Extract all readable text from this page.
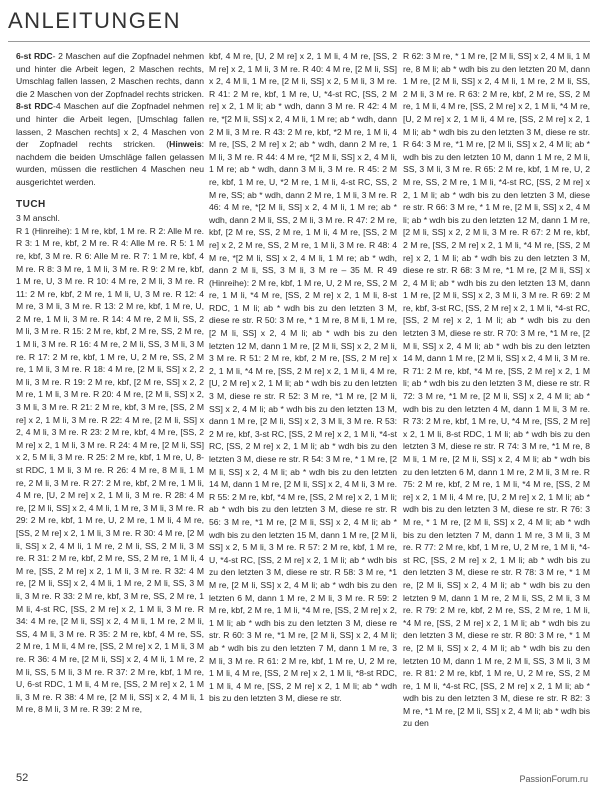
ANLEITUNGEN

6-st RDC- 2 Maschen auf die Zopfnadel nehmen und hinter die Arbeit legen, 2 Maschen rechts, Umschlag fallen lassen, 2 Maschen rechts, dann die 2 Maschen von der Zopfnadel rechts stricken. 8-st RDC-4 Maschen auf die Zopfnadel nehmen und hinter die Arbeit legen, [Umschlag fallen lassen, 2 Maschen rechts] x 2, 4 Maschen von der Zopfnadel rechts stricken. (Hinweis: nachdem die beiden Umschläge fallen gelassen wurden, müssen die restlichen 4 Maschen neu ausgerichtet werden.

TUCH

3 M anschl.

R 1 (Hinreihe): 1 M re, kbf, 1 M re. R 2: Alle M re. R 3: 1 M re, kbf, 2 M re. R 4: Alle M re. R 5: 1 M re, kbf, 3 M re. R 6: Alle M re. R 7: 1 M re, kbf, 4 M re. R 8: 3 M re, 1 M li, 3 M re. R 9: 2 M re, kbf, 1 M re, U, 3 M re. R 10: 4 M re, 2 M li, 3 M re. R 11: 2 M re, kbf, 2 M re, 1 M li, U, 3 M re. R 12: 4 M re, 3 M li, 3 M re. R 13: 2 M re, kbf, 1 M re, U, 2 M re, 1 M li, 3 M re. R 14: 4 M re, 2 M li, SS, 2 M li, 3 M re. R 15: 2 M re, kbf, 2 M re, SS, 2 M re, 1 M li, 3 M re. R 16: 4 M re, 2 M li, SS, 3 M li, 3 M re. R 17: 2 M re, kbf, 1 M re, U, 2 M re, SS, 2 M re, 1 M li, 3 M re. R 18: 4 M re, [2 M li, SS] x 2, 2 M li, 3 M re. R 19: 2 M re, kbf, [2 M re, SS] x 2, 2 M re, 1 M li, 3 M re. R 20: 4 M re, [2 M li, SS] x 2, 3 M li, 3 M re. R 21: 2 M re, kbf, 3 M re, [SS, 2 M re] x 2, 1 M li, 3 M re. R 22: 4 M re, [2 M li, SS] x 2, 4 M li, 3 M re. R 23: 2 M re, kbf, 4 M re, [SS, 2 M re] x 2, 1 M li, 3 M re. R 24: 4 M re, [2 M li, SS] x 2, 5 M li, 3 M re. R 25: 2 M re, kbf, 1 M re, U, 8-st RDC, 1 M li, 3 M re. R 26: 4 M re, 8 M li, 1 M re, 2 M li, 3 M re. R 27: 2 M re, kbf, 2 M re, 1 M li, 4 M re, [U, 2 M re] x 2, 1 M li, 3 M re. R 28: 4 M re, [2 M li, SS] x 2, 4 M li, 1 M re, 3 M li, 3 M re. R 29: 2 M re, kbf, 1 M re, U, 2 M re, 1 M li, 4 M re, [SS, 2 M re] x 2, 1 M li, 3 M re. R 30: 4 M re, [2 M li, SS] x 2, 4 M li, 1 M re, 2 M li, SS, 2 M li, 3 M re. R 31: 2 M re, kbf, 2 M re, SS, 2 M re, 1 M li, 4 M re, [SS, 2 M re] x 2, 1 M li, 3 M re. R 32: 4 M re, [2 M li, SS] x 2, 4 M li, 1 M re, 2 M li, SS, 3 M li, 3 M re. R 33: 2 M re, kbf, 3 M re, SS, 2 M re, 1 M li, 4-st RC, [SS, 2 M re] x 2, 1 M li, 3 M re. R 34: 4 M re, [2 M li, SS] x 2, 4 M li, 1 M re, 2 M li, SS, 4 M li, 3 M re. R 35: 2 M re, kbf, 4 M re, SS, 2 M re, 1 M li, 4 M re, [SS, 2 M re] x 2, 1 M li, 3 M re. R 36: 4 M re, [2 M li, SS] x 2, 4 M li, 1 M re, 2 M li, SS, 5 M li, 3 M re. R 37: 2 M re, kbf, 1 M re, U, 6-st RDC, 1 M li, 4 M re, [SS, 2 M re] x 2, 1 M li, 3 M re. R 38: 4 M re, [2 M li, SS] x 2, 4 M li, 1 M re, 8 M li, 3 M re. R 39: 2 M re,

kbf, 4 M re, [U, 2 M re] x 2, 1 M li, 4 M re, [SS, 2 M re] x 2, 1 M li, 3 M re. R 40: 4 M re, [2 M li, SS] x 2, 4 M li, 1 M re, [2 M li, SS] x 2, 5 M li, 3 M re. R 41: 2 M re, kbf, 1 M re, U, *4-st RC, [SS, 2 M re] x 2, 1 M li; ab * wdh, dann 3 M re. R 42: 4 M re, *[2 M li, SS] x 2, 4 M li, 1 M re; ab * wdh, dann 2 M li, 3 M re. R 43: 2 M re, kbf, *2 M re, 1 M li, 4 M re, [SS, 2 M re] x 2; ab * wdh, dann 2 M re, 1 M li, 3 M re. R 44: 4 M re, *[2 M li, SS] x 2, 4 M li, 1 M re; ab * wdh, dann 3 M li, 3 M re. R 45: 2 M re, kbf, 1 M re, U, *2 M re, 1 M li, 4-st RC, SS, 2 M re, SS; ab * wdh, dann 2 M re, 1 M li, 3 M re. R 46: 4 M re, *[2 M li, SS] x 2, 4 M li, 1 M re; ab * wdh, dann 2 M li, SS, 2 M li, 3 M re. R 47: 2 M re, kbf, [2 M re, SS, 2 M re, 1 M li, 4 M re, [SS, 2 M re] x 2, 2 M re, SS, 2 M re, 1 M li, 3 M re. R 48: 4 M re, *[2 M li, SS] x 2, 4 M li, 1 M re; ab * wdh, dann 2 M li, SS, 3 M li, 3 M re – 35 M. R 49 (Hinreihe): 2 M re, kbf, 1 M re, U, 2 M re, SS, 2 M re, 1 M li, *4 M re, [SS, 2 M re] x 2, 1 M li, 8-st RDC, 1 M li; ab * wdh bis zu den letzten 3 M, diese re str. R 50: 3 M re, * 1 M re, 8 M li, 1 M re, [2 M li, SS] x 2, 4 M li; ab * wdh bis zu den letzten 12 M, dann 1 M re, [2 M li, SS] x 2, 2 M li, 3 M re. R 51: 2 M re, kbf, 2 M re, [SS, 2 M re] x 2, 1 M li, *4 M re, [SS, 2 M re] x 2, 1 M li, 4 M re, [U, 2 M re] x 2, 1 M li; ab * wdh bis zu den letzten 3 M, diese re str. R 52: 3 M re, *1 M re, [2 M li, SS] x 2, 4 M li; ab * wdh bis zu den letzten 13 M, dann 1 M re, [2 M li, SS] x 2, 3 M li, 3 M re. R 53: 2 M re, kbf, 3-st RC, [SS, 2 M re] x 2, 1 M li, *4-st RC, [SS, 2 M re] x 2, 1 M li; ab * wdh bis zu den letzten 3 M, diese re str. R 54: 3 M re, * 1 M re, [2 M li, SS] x 2, 4 M li; ab * wdh bis zu den letzten 14 M, dann 1 M re, [2 M li, SS] x 2, 4 M li, 3 M re. R 55: 2 M re, kbf, *4 M re, [SS, 2 M re] x 2, 1 M li; ab * wdh bis zu den letzten 3 M, diese re str. R 56: 3 M re, *1 M re, [2 M li, SS] x 2, 4 M li; ab * wdh bis zu den letzten 15 M, dann 1 M re, [2 M li, SS] x 2, 5 M li, 3 M re. R 57: 2 M re, kbf, 1 M re, U, *4-st RC, [SS, 2 M re] x 2, 1 M li; ab * wdh bis zu den letzten 3 M, diese re str. R 58: 3 M re, *1 M re, [2 M li, SS] x 2, 4 M li; ab * wdh bis zu den letzten 6 M, dann 1 M re, 2 M li, 3 M re. R 59: 2 M re, kbf, 2 M re, 1 M li, *4 M re, [SS, 2 M re] x 2, 1 M li; ab * wdh bis zu den letzten 3 M, diese re str. R 60: 3 M re, *1 M re, [2 M li, SS] x 2, 4 M li; ab * wdh bis zu den letzten 7 M, dann 1 M re, 3 M li, 3 M re. R 61: 2 M re, kbf, 1 M re, U, 2 M re, 1 M li, 4 M re, [SS, 2 M re] x 2, 1 M li, *8-st RDC, 1 M li, 4 M re, [SS, 2 M re] x 2, 1 M li; ab * wdh bis zu den letzten 3 M, diese re str.

R 62: 3 M re, * 1 M re, [2 M li, SS] x 2, 4 M li, 1 M re, 8 M li; ab * wdh bis zu den letzten 20 M, dann 1 M re, [2 M li, SS] x 2, 4 M li, 1 M re, 2 M li, SS, 2 M li, 3 M re. R 63: 2 M re, kbf, 2 M re, SS, 2 M re, 1 M li, 4 M re, [SS, 2 M re] x 2, 1 M li, *4 M re, [U, 2 M re] x 2, 1 M li, 4 M re, [SS, 2 M re] x 2, 1 M li; ab * wdh bis zu den letzten 3 M, diese re str. R 64: 3 M re, *1 M re, [2 M li, SS] x 2, 4 M li; ab * wdh bis zu den letzten 10 M, dann 1 M re, 2 M li, SS, 3 M li, 3 M re. R 65: 2 M re, kbf, 1 M re, U, 2 M re, SS, 2 M re, 1 M li, *4-st RC, [SS, 2 M re] x 2, 1 M li; ab * wdh bis zu den letzten 3 M, diese re str. R 66: 3 M re, * 1 M re, [2 M li, SS] x 2, 4 M li; ab * wdh bis zu den letzten 12 M, dann 1 M re, [2 M li, SS] x 2, 2 M li, 3 M re. R 67: 2 M re, kbf, 2 M re, [SS, 2 M re] x 2, 1 M li, *4 M re, [SS, 2 M re] x 2, 1 M li; ab * wdh bis zu den letzten 3 M, diese re str. R 68: 3 M re, *1 M re, [2 M li, SS] x 2, 4 M li; ab * wdh bis zu den letzten 13 M, dann 1 M re, [2 M li, SS] x 2, 3 M li, 3 M re. R 69: 2 M re, kbf, 3-st RC, [SS, 2 M re] x 2, 1 M li, *4-st RC, [SS, 2 M re] x 2, 1 M li; ab * wdh bis zu den letzten 3 M, diese re str. R 70: 3 M re, *1 M re, [2 M li, SS] x 2, 4 M li; ab * wdh bis zu den letzten 14 M, dann 1 M re, [2 M li, SS] x 2, 4 M li, 3 M re. R 71: 2 M re, kbf, *4 M re, [SS, 2 M re] x 2, 1 M li; ab * wdh bis zu den letzten 3 M, diese re str. R 72: 3 M re, *1 M re, [2 M li, SS] x 2, 4 M li; ab * wdh bis zu den letzten 4 M, dann 1 M li, 3 M re. R 73: 2 M re, kbf, 1 M re, U, *4 M re, [SS, 2 M re] x 2, 1 M li, 8-st RDC, 1 M li; ab * wdh bis zu den letzten 3 M, diese re str. R 74: 3 M re, *1 M re, 8 M li, 1 M re, [2 M li, SS] x 2, 4 M li; ab * wdh bis zu den letzten 6 M, dann 1 M re, 2 M li, 3 M re. R 75: 2 M re, kbf, 2 M re, 1 M li, *4 M re, [SS, 2 M re] x 2, 1 M li, 4 M re, [U, 2 M re] x 2, 1 M li; ab * wdh bis zu den letzten 3 M, diese re str. R 76: 3 M re, * 1 M re, [2 M li, SS] x 2, 4 M li; ab * wdh bis zu den letzten 7 M, dann 1 M re, 3 M li, 3 M re. R 77: 2 M re, kbf, 1 M re, U, 2 M re, 1 M li, *4-st RC, [SS, 2 M re] x 2, 1 M li; ab * wdh bis zu den letzten 3 M, diese re str. R 78: 3 M re, * 1 M re, [2 M li, SS] x 2, 4 M li; ab * wdh bis zu den letzten 9 M, dann 1 M re, 2 M li, SS, 2 M li, 3 M re. R 79: 2 M re, kbf, 2 M re, SS, 2 M re, 1 M li, *4 M re, [SS, 2 M re] x 2, 1 M li; ab * wdh bis zu den letzten 3 M, diese re str. R 80: 3 M re, * 1 M re, [2 M li, SS] x 2, 4 M li; ab * wdh bis zu den letzten 10 M, dann 1 M re, 2 M li, SS, 3 M li, 3 M re. R 81: 2 M re, kbf, 1 M re, U, 2 M re, SS, 2 M re, 1 M li, *4-st RC, [SS, 2 M re] x 2, 1 M li; ab * wdh bis zu den letzten 3 M, diese re str. R 82: 3 M re, *1 M re, [2 M li, SS] x 2, 4 M li; ab * wdh bis zu den

52	PassionForum.ru
